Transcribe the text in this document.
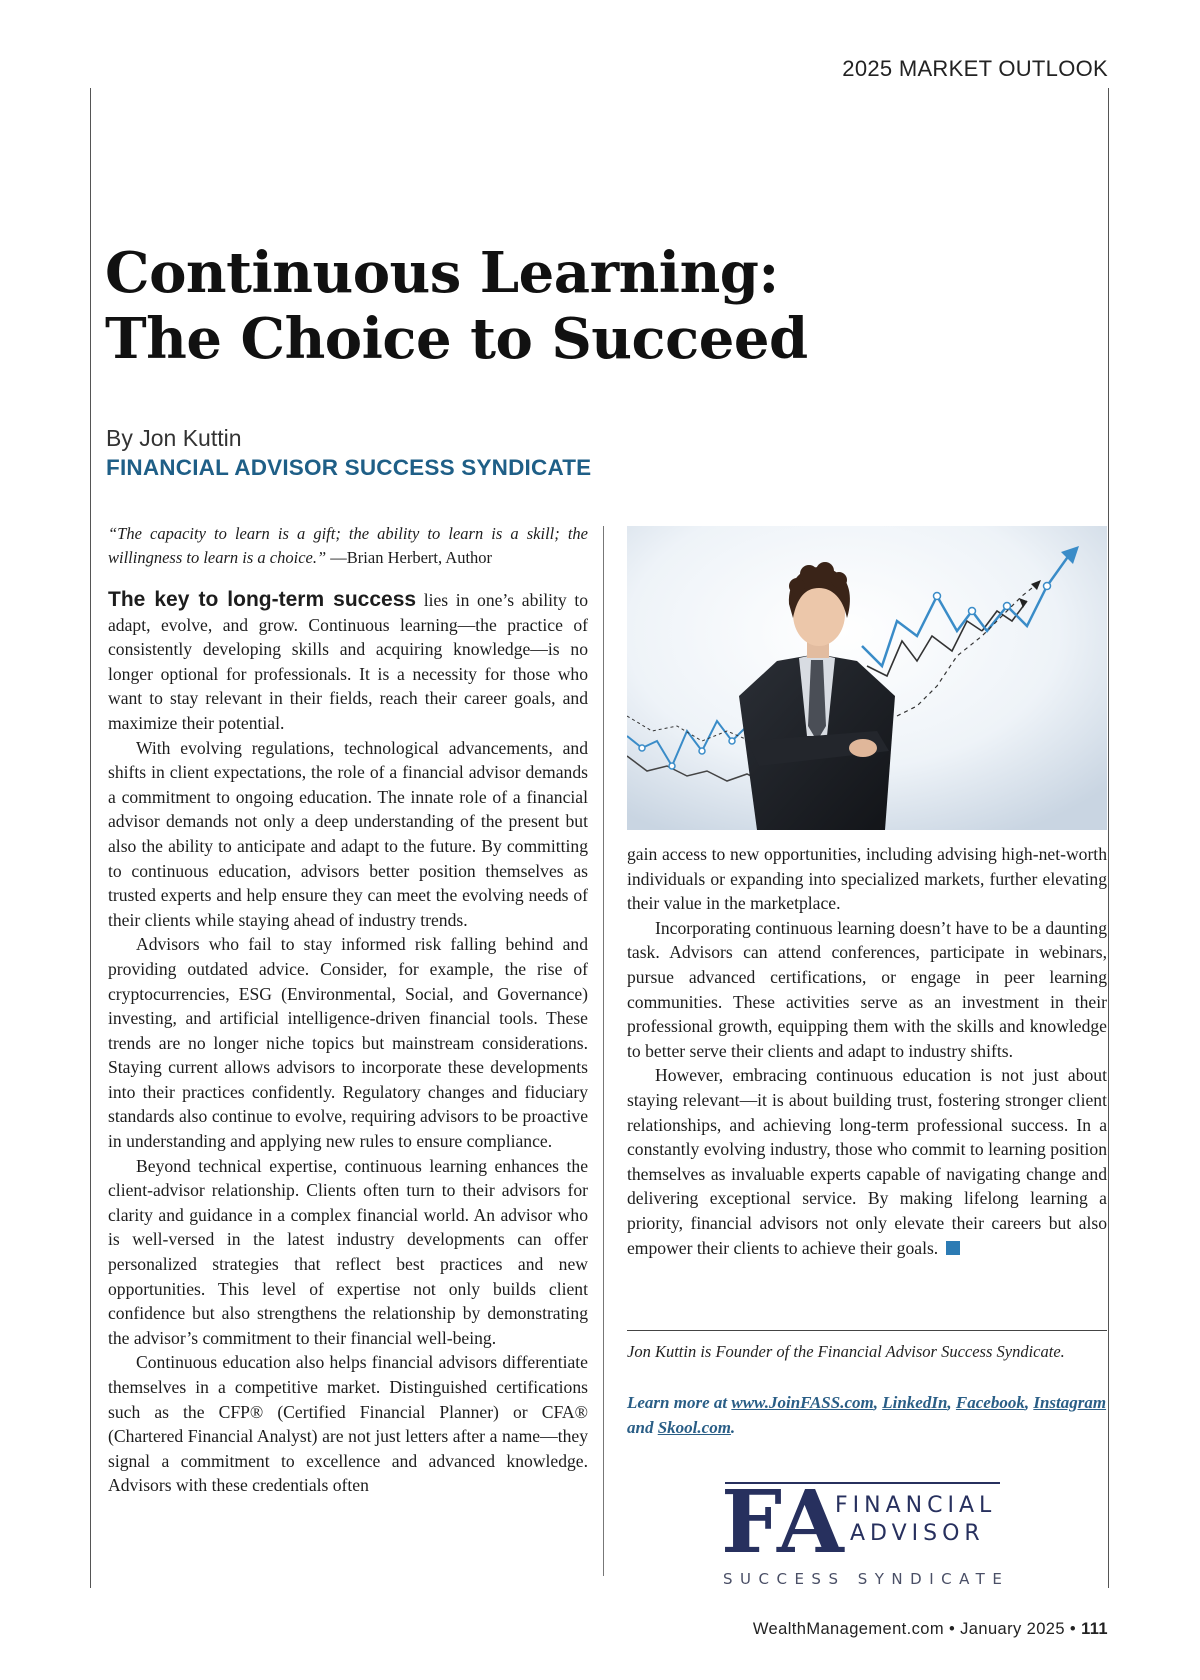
2025 MARKET OUTLOOK
Continuous Learning:
The Choice to Succeed
By Jon Kuttin
FINANCIAL ADVISOR SUCCESS SYNDICATE

“The capacity to learn is a gift; the ability to learn is a skill; the willingness to learn is a choice.” —Brian Herbert, Author

The key to long-term success lies in one’s ability to adapt, evolve, and grow. Continuous learning—the practice of consistently developing skills and acquiring knowledge—is no longer optional for professionals. It is a necessity for those who want to stay relevant in their fields, reach their career goals, and maximize their potential.

With evolving regulations, technological advancements, and shifts in client expectations, the role of a financial advisor demands a commitment to ongoing education. The innate role of a financial advisor demands not only a deep understanding of the present but also the ability to anticipate and adapt to the future. By committing to continuous education, advisors better position themselves as trusted experts and help ensure they can meet the evolving needs of their clients while staying ahead of industry trends.

Advisors who fail to stay informed risk falling behind and providing outdated advice. Consider, for example, the rise of cryptocurrencies, ESG (Environmental, Social, and Governance) investing, and artificial intelligence-driven financial tools. These trends are no longer niche topics but mainstream considerations. Staying current allows advisors to incorporate these developments into their practices confidently. Regulatory changes and fiduciary standards also continue to evolve, requiring advisors to be proactive in understanding and applying new rules to ensure compliance.

Beyond technical expertise, continuous learning enhances the client-advisor relationship. Clients often turn to their advisors for clarity and guidance in a complex financial world. An advisor who is well-versed in the latest industry developments can offer personalized strategies that reflect best practices and new opportunities. This level of expertise not only builds client confidence but also strengthens the relationship by demonstrating the advisor’s commitment to their financial well-being.

Continuous education also helps financial advisors differentiate themselves in a competitive market. Distinguished certifications such as the CFP® (Certified Financial Planner) or CFA® (Chartered Financial Analyst) are not just letters after a name—they signal a commitment to excellence and advanced knowledge. Advisors with these credentials often

gain access to new opportunities, including advising high-net-worth individuals or expanding into specialized markets, further elevating their value in the marketplace.

Incorporating continuous learning doesn’t have to be a daunting task. Advisors can attend conferences, participate in webinars, pursue advanced certifications, or engage in peer learning communities. These activities serve as an investment in their professional growth, equipping them with the skills and knowledge to better serve their clients and adapt to industry shifts.

However, embracing continuous education is not just about staying relevant—it is about building trust, fostering stronger client relationships, and achieving long-term professional success. In a constantly evolving industry, those who commit to learning position themselves as invaluable experts capable of navigating change and delivering exceptional service. By making lifelong learning a priority, financial advisors not only elevate their careers but also empower their clients to achieve their goals.

Jon Kuttin is Founder of the Financial Advisor Success Syndicate.
Learn more at www.JoinFASS.com, LinkedIn, Facebook, Instagram and Skool.com.
FA
FINANCIAL
ADVISOR
SUCCESS SYNDICATE
WealthManagement.com • January 2025 • 111
